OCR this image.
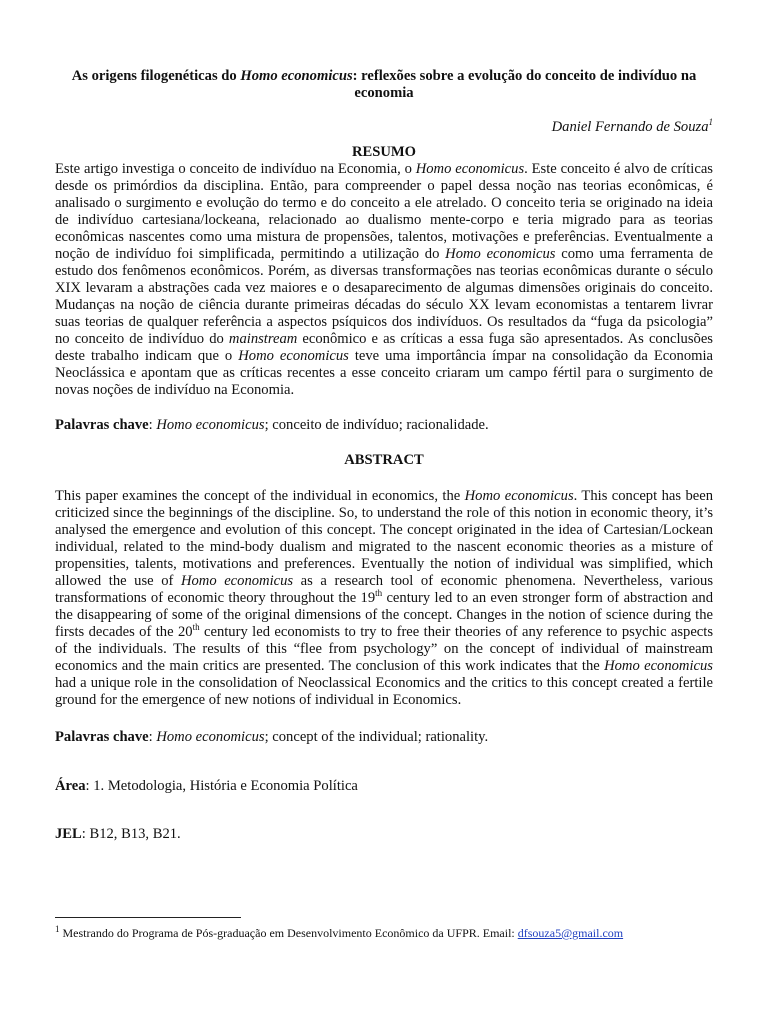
As origens filogenéticas do Homo economicus: reflexões sobre a evolução do conceito de indivíduo na economia

Daniel Fernando de Souza$^1$
RESUMO

Este artigo investiga o conceito de indivíduo na Economia, o Homo economicus. Este conceito é alvo de críticas desde os primórdios da disciplina. Então, para compreender o papel dessa noção nas teorias econômicas, é analisado o surgimento e evolução do termo e do conceito a ele atrelado. O conceito teria se originado na ideia de indivíduo cartesiana/lockeana, relacionado ao dualismo mente-corpo e teria migrado para as teorias econômicas nascentes como uma mistura de propensões, talentos, motivações e preferências. Eventualmente a noção de indivíduo foi simplificada, permitindo a utilização do Homo economicus como uma ferramenta de estudo dos fenômenos econômicos. Porém, as diversas transformações nas teorias econômicas durante o século XIX levaram a abstrações cada vez maiores e o desaparecimento de algumas dimensões originais do conceito. Mudanças na noção de ciência durante primeiras décadas do século XX levam economistas a tentarem livrar suas teorias de qualquer referência a aspectos psíquicos dos indivíduos. Os resultados da “fuga da psicologia” no conceito de indivíduo do mainstream econômico e as críticas a essa fuga são apresentados. As conclusões deste trabalho indicam que o Homo economicus teve uma importância ímpar na consolidação da Economia Neoclássica e apontam que as críticas recentes a esse conceito criaram um campo fértil para o surgimento de novas noções de indivíduo na Economia.

Palavras chave: Homo economicus; conceito de indivíduo; racionalidade.

ABSTRACT

This paper examines the concept of the individual in economics, the Homo economicus. This concept has been criticized since the beginnings of the discipline. So, to understand the role of this notion in economic theory, it’s analysed the emergence and evolution of this concept. The concept originated in the idea of Cartesian/Lockean individual, related to the mind-body dualism and migrated to the nascent economic theories as a misture of propensities, talents, motivations and preferences. Eventually the notion of individual was simplified, which allowed the use of Homo economicus as a research tool of economic phenomena. Nevertheless, various transformations of economic theory throughout the 19th century led to an even stronger form of abstraction and the disappearing of some of the original dimensions of the concept. Changes in the notion of science during the firsts decades of the 20th century led economists to try to free their theories of any reference to psychic aspects of the individuals. The results of this “flee from psychology” on the concept of individual of mainstream economics and the main critics are presented. The conclusion of this work indicates that the Homo economicus had a unique role in the consolidation of Neoclassical Economics and the critics to this concept created a fertile ground for the emergence of new notions of individual in Economics.

Palavras chave: Homo economicus; concept of the individual; rationality.

Área: 1. Metodologia, História e Economia Política

JEL: B12, B13, B21.

$^1$ Mestrando do Programa de Pós-graduação em Desenvolvimento Econômico da UFPR. Email: dfsouza5@gmail.com
